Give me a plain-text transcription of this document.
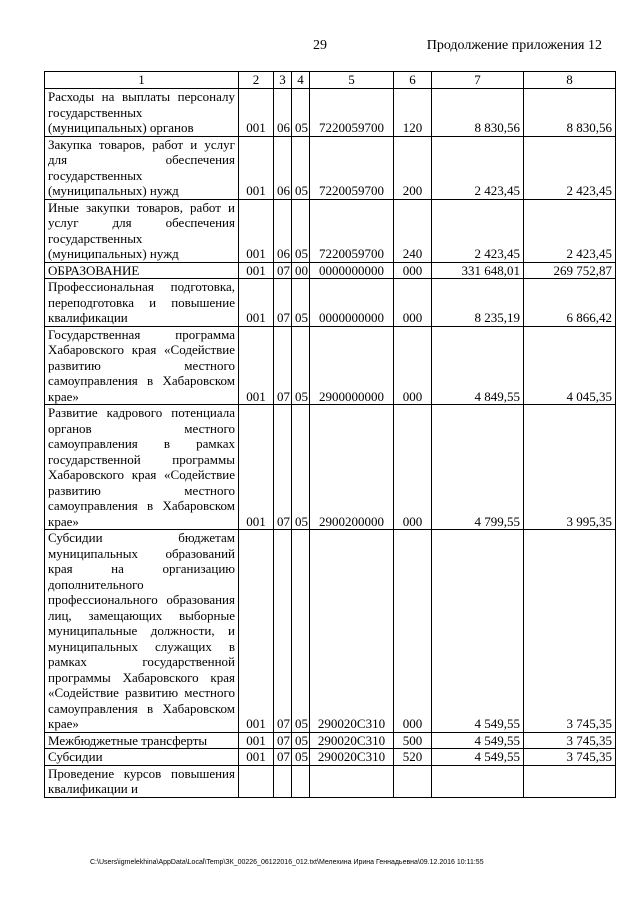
29	Продолжение приложения 12
1	2	3	4	5	6	7	8
Расходы на выплаты персоналу государственных (муниципальных) органов	001	06	05	7220059700	120	8 830,56	8 830,56
Закупка товаров, работ и услуг для обеспечения государственных (муниципальных) нужд	001	06	05	7220059700	200	2 423,45	2 423,45
Иные закупки товаров, работ и услуг для обеспечения государственных (муниципальных) нужд	001	06	05	7220059700	240	2 423,45	2 423,45
ОБРАЗОВАНИЕ	001	07	00	0000000000	000	331 648,01	269 752,87
Профессиональная подготовка, переподготовка и повышение квалификации	001	07	05	0000000000	000	8 235,19	6 866,42
Государственная программа Хабаровского края «Содействие развитию местного самоуправления в Хабаровском крае»	001	07	05	2900000000	000	4 849,55	4 045,35
Развитие кадрового потенциала органов местного самоуправления в рамках государственной программы Хабаровского края «Содействие развитию местного самоуправления в Хабаровском крае»	001	07	05	2900200000	000	4 799,55	3 995,35
Субсидии бюджетам муниципальных образований края на организацию дополнительного профессионального образования лиц, замещающих выборные муниципальные должности, и муниципальных служащих в рамках государственной программы Хабаровского края «Содействие развитию местного самоуправления в Хабаровском крае»	001	07	05	290020С310	000	4 549,55	3 745,35
Межбюджетные трансферты	001	07	05	290020С310	500	4 549,55	3 745,35
Субсидии	001	07	05	290020С310	520	4 549,55	3 745,35
Проведение курсов повышения квалификации и							
C:\Users\igmelekhina\AppData\Local\Temp\ЗК_00226_06122016_012.txt\Мелехина Ирина Геннадьевна\09.12.2016 10:11:55
